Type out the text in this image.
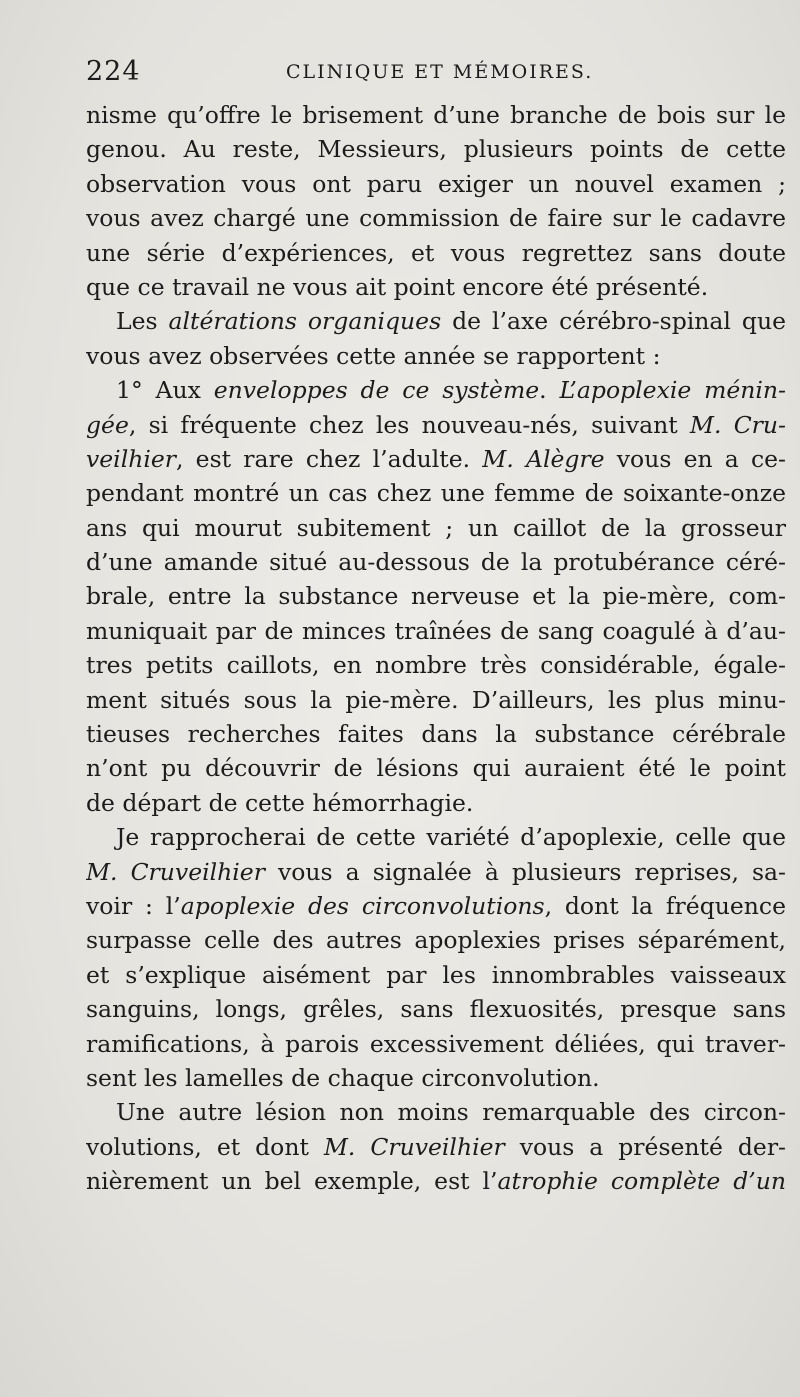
224	CLINIQUE ET MÉMOIRES.
nisme qu’offre le brisement d’une branche de bois sur le
genou. Au reste, Messieurs, plusieurs points de cette
observation vous ont paru exiger un nouvel examen ;
vous avez chargé une commission de faire sur le cadavre
une série d’expériences, et vous regrettez sans doute
que ce travail ne vous ait point encore été présenté.
Les altérations organiques de l’axe cérébro-spinal que
vous avez observées cette année se rapportent :
1° Aux enveloppes de ce système. L’apoplexie ménin-
gée, si fréquente chez les nouveau-nés, suivant M. Cru-
veilhier, est rare chez l’adulte. M. Alègre vous en a ce-
pendant montré un cas chez une femme de soixante-onze
ans qui mourut subitement ; un caillot de la grosseur
d’une amande situé au-dessous de la protubérance céré-
brale, entre la substance nerveuse et la pie-mère, com-
muniquait par de minces traînées de sang coagulé à d’au-
tres petits caillots, en nombre très considérable, égale-
ment situés sous la pie-mère. D’ailleurs, les plus minu-
tieuses recherches faites dans la substance cérébrale
n’ont pu découvrir de lésions qui auraient été le point
de départ de cette hémorrhagie.
Je rapprocherai de cette variété d’apoplexie, celle que
M. Cruveilhier vous a signalée à plusieurs reprises, sa-
voir : l’apoplexie des circonvolutions, dont la fréquence
surpasse celle des autres apoplexies prises séparément,
et s’explique aisément par les innombrables vaisseaux
sanguins, longs, grêles, sans flexuosités, presque sans
ramifications, à parois excessivement déliées, qui traver-
sent les lamelles de chaque circonvolution.
Une autre lésion non moins remarquable des circon-
volutions, et dont M. Cruveilhier vous a présenté der-
nièrement un bel exemple, est l’atrophie complète d’un
